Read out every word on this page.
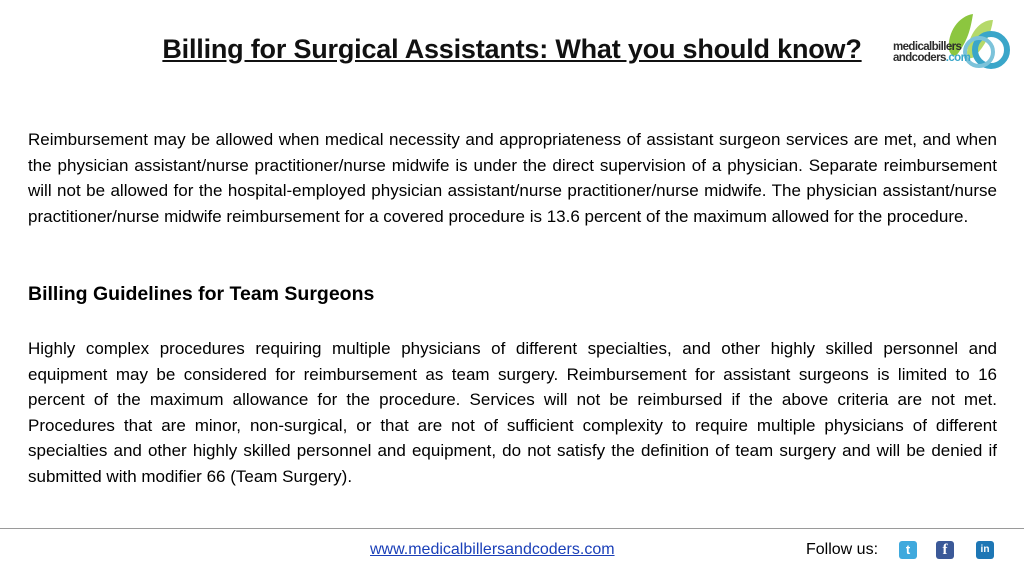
Billing for Surgical Assistants: What you should know?	medicalbillers
andcoders.com

Reimbursement may be allowed when medical necessity and appropriateness of assistant surgeon services are met, and when the physician assistant/nurse practitioner/nurse midwife is under the direct supervision of a physician. Separate reimbursement will not be allowed for the hospital-employed physician assistant/nurse practitioner/nurse midwife. The physician assistant/nurse practitioner/nurse midwife reimbursement for a covered procedure is 13.6 percent of the maximum allowed for the procedure.

Billing Guidelines for Team Surgeons

Highly complex procedures requiring multiple physicians of different specialties, and other highly skilled personnel and equipment may be considered for reimbursement as team surgery. Reimbursement for assistant surgeons is limited to 16 percent of the maximum allowance for the procedure. Services will not be reimbursed if the above criteria are not met. Procedures that are minor, non-surgical, or that are not of sufficient complexity to require multiple physicians of different specialties and other highly skilled personnel and equipment, do not satisfy the definition of team surgery and will be denied if submitted with modifier 66 (Team Surgery).

www.medicalbillersandcoders.com	Follow us:	t	f	in
